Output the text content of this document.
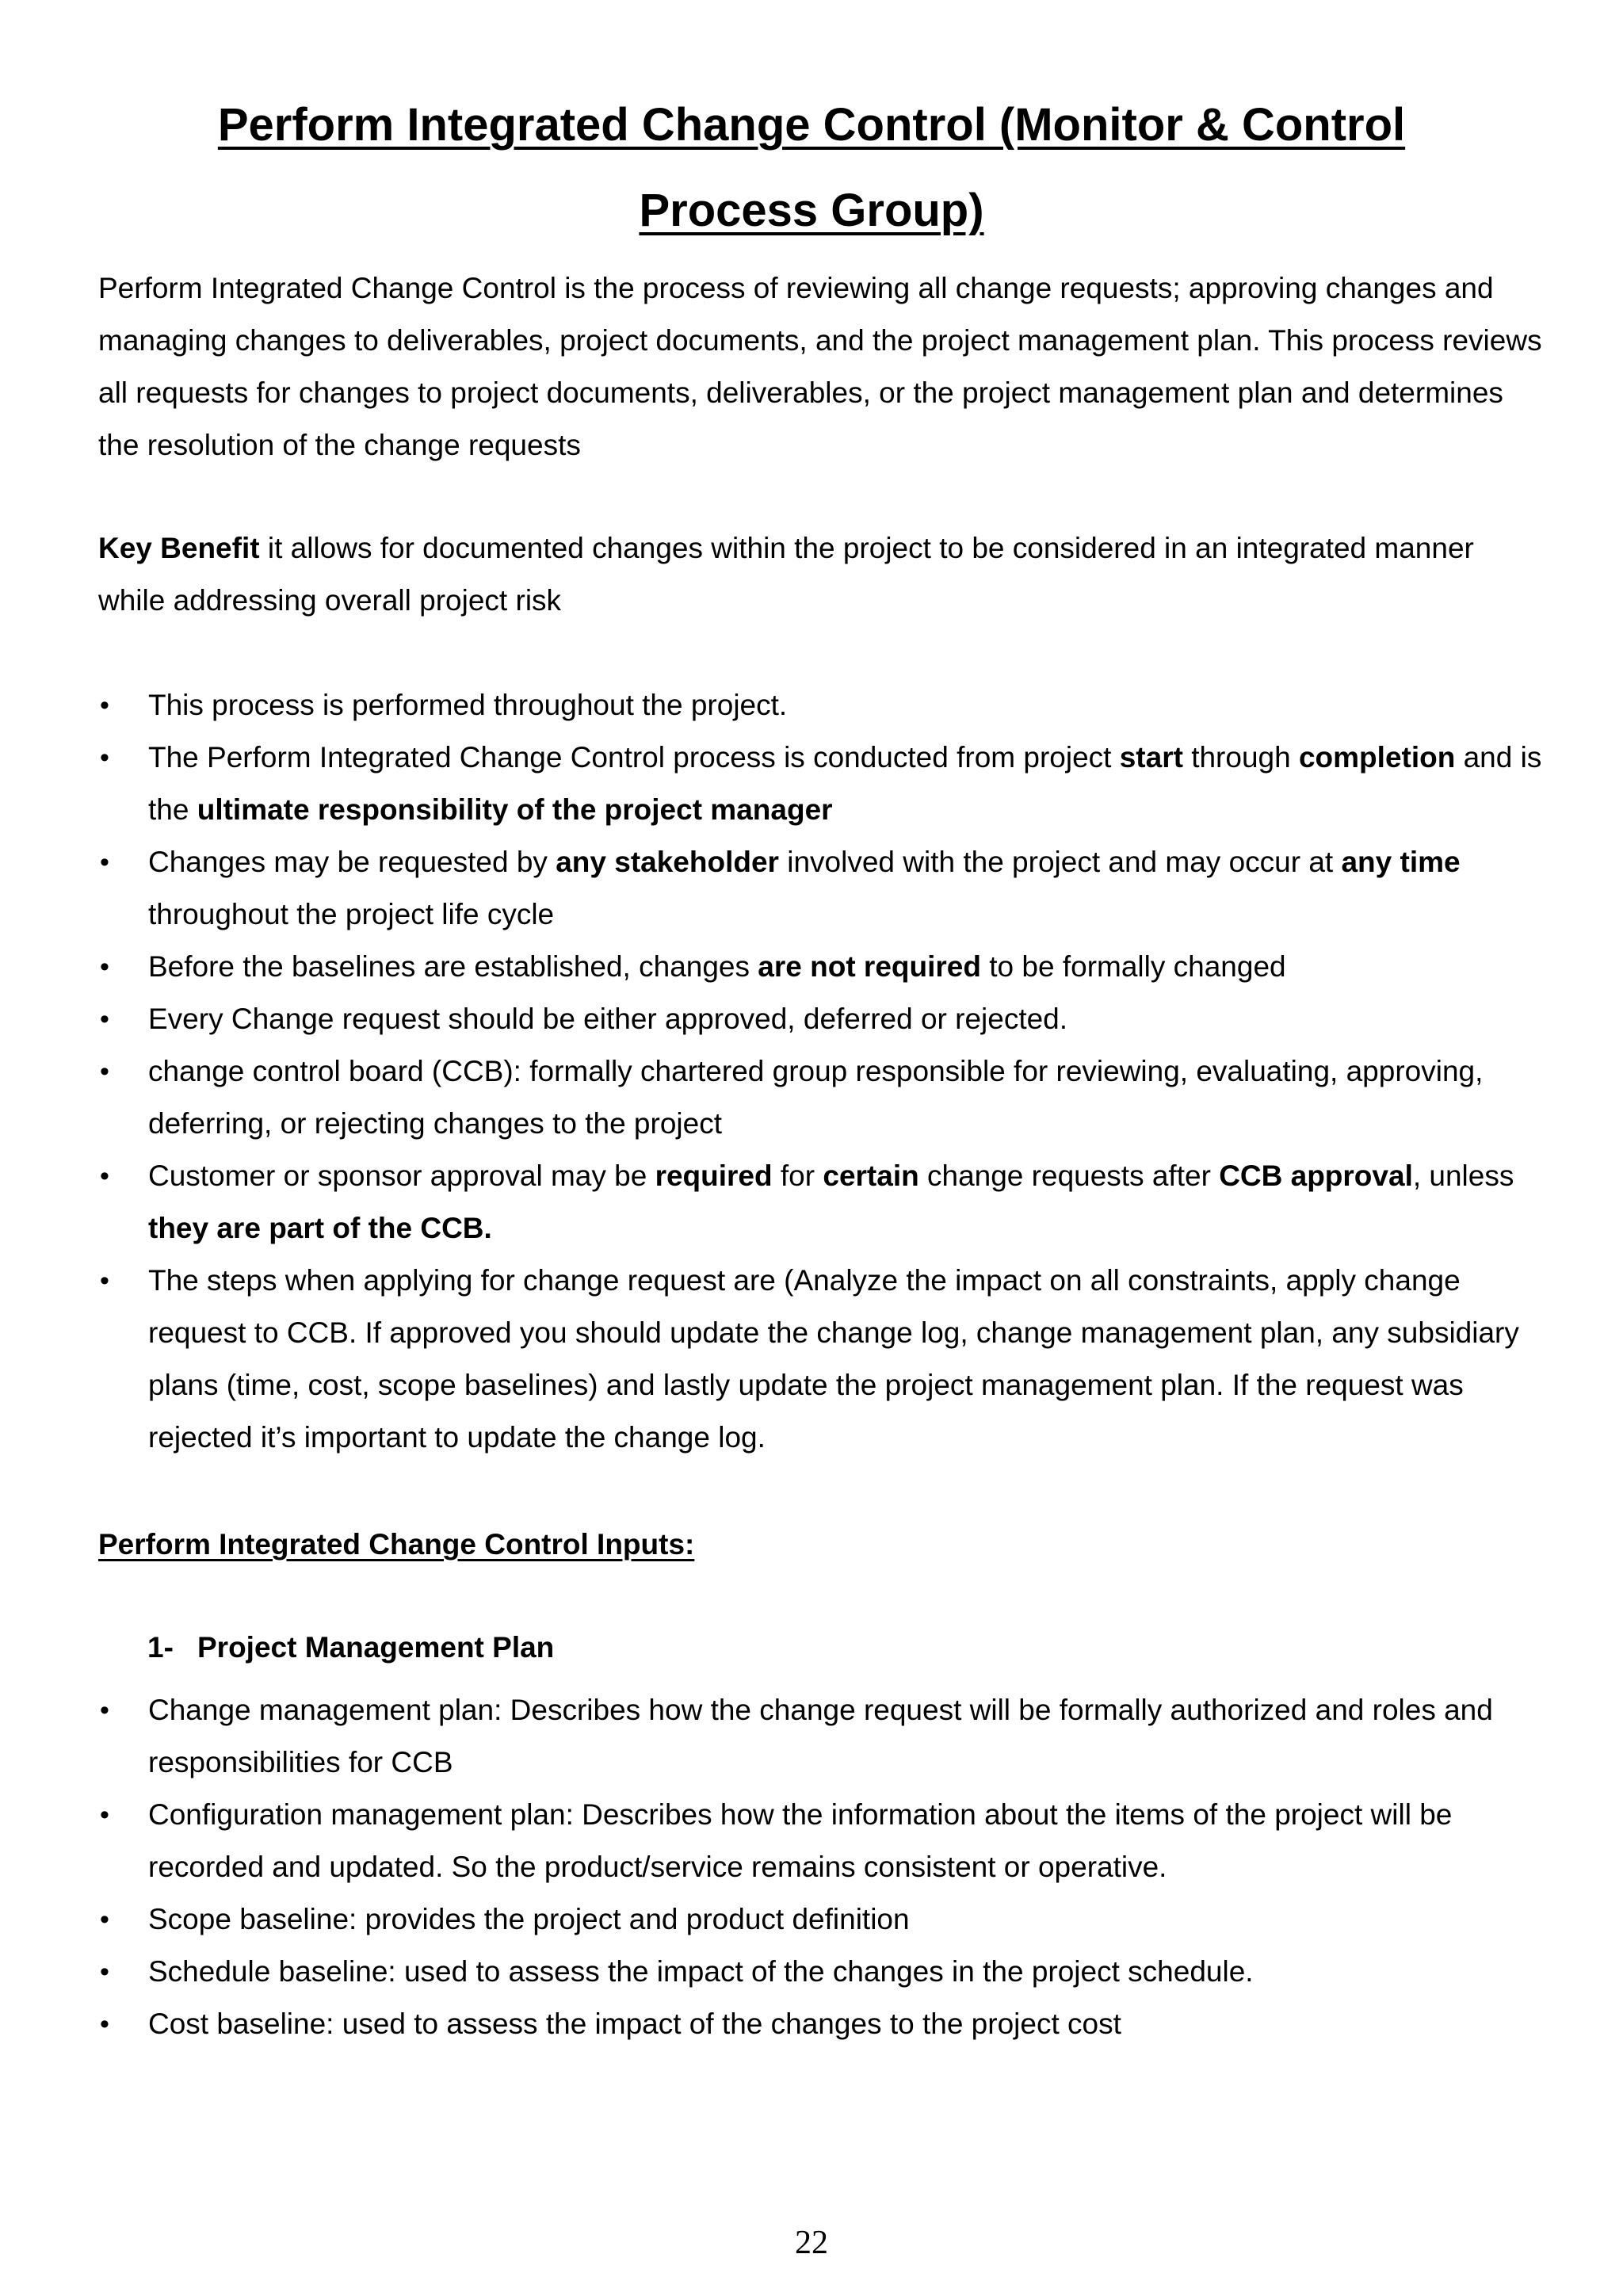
Perform Integrated Change Control (Monitor & Control
Process Group)
Perform Integrated Change Control is the process of reviewing all change requests; approving changes and managing changes to deliverables, project documents, and the project management plan. This process reviews all requests for changes to project documents, deliverables, or the project management plan and determines the resolution of the change requests
Key Benefit it allows for documented changes within the project to be considered in an integrated manner while addressing overall project risk
• This process is performed throughout the project.
• The Perform Integrated Change Control process is conducted from project start through completion and is the ultimate responsibility of the project manager
• Changes may be requested by any stakeholder involved with the project and may occur at any time throughout the project life cycle
• Before the baselines are established, changes are not required to be formally changed
• Every Change request should be either approved, deferred or rejected.
• change control board (CCB): formally chartered group responsible for reviewing, evaluating, approving, deferring, or rejecting changes to the project
• Customer or sponsor approval may be required for certain change requests after CCB approval, unless they are part of the CCB.
• The steps when applying for change request are (Analyze the impact on all constraints, apply change request to CCB. If approved you should update the change log, change management plan, any subsidiary plans (time, cost, scope baselines) and lastly update the project management plan. If the request was rejected it’s important to update the change log.
Perform Integrated Change Control Inputs:
1- Project Management Plan
• Change management plan: Describes how the change request will be formally authorized and roles and responsibilities for CCB
• Configuration management plan: Describes how the information about the items of the project will be recorded and updated. So the product/service remains consistent or operative.
• Scope baseline: provides the project and product definition
• Schedule baseline: used to assess the impact of the changes in the project schedule.
• Cost baseline: used to assess the impact of the changes to the project cost
22
